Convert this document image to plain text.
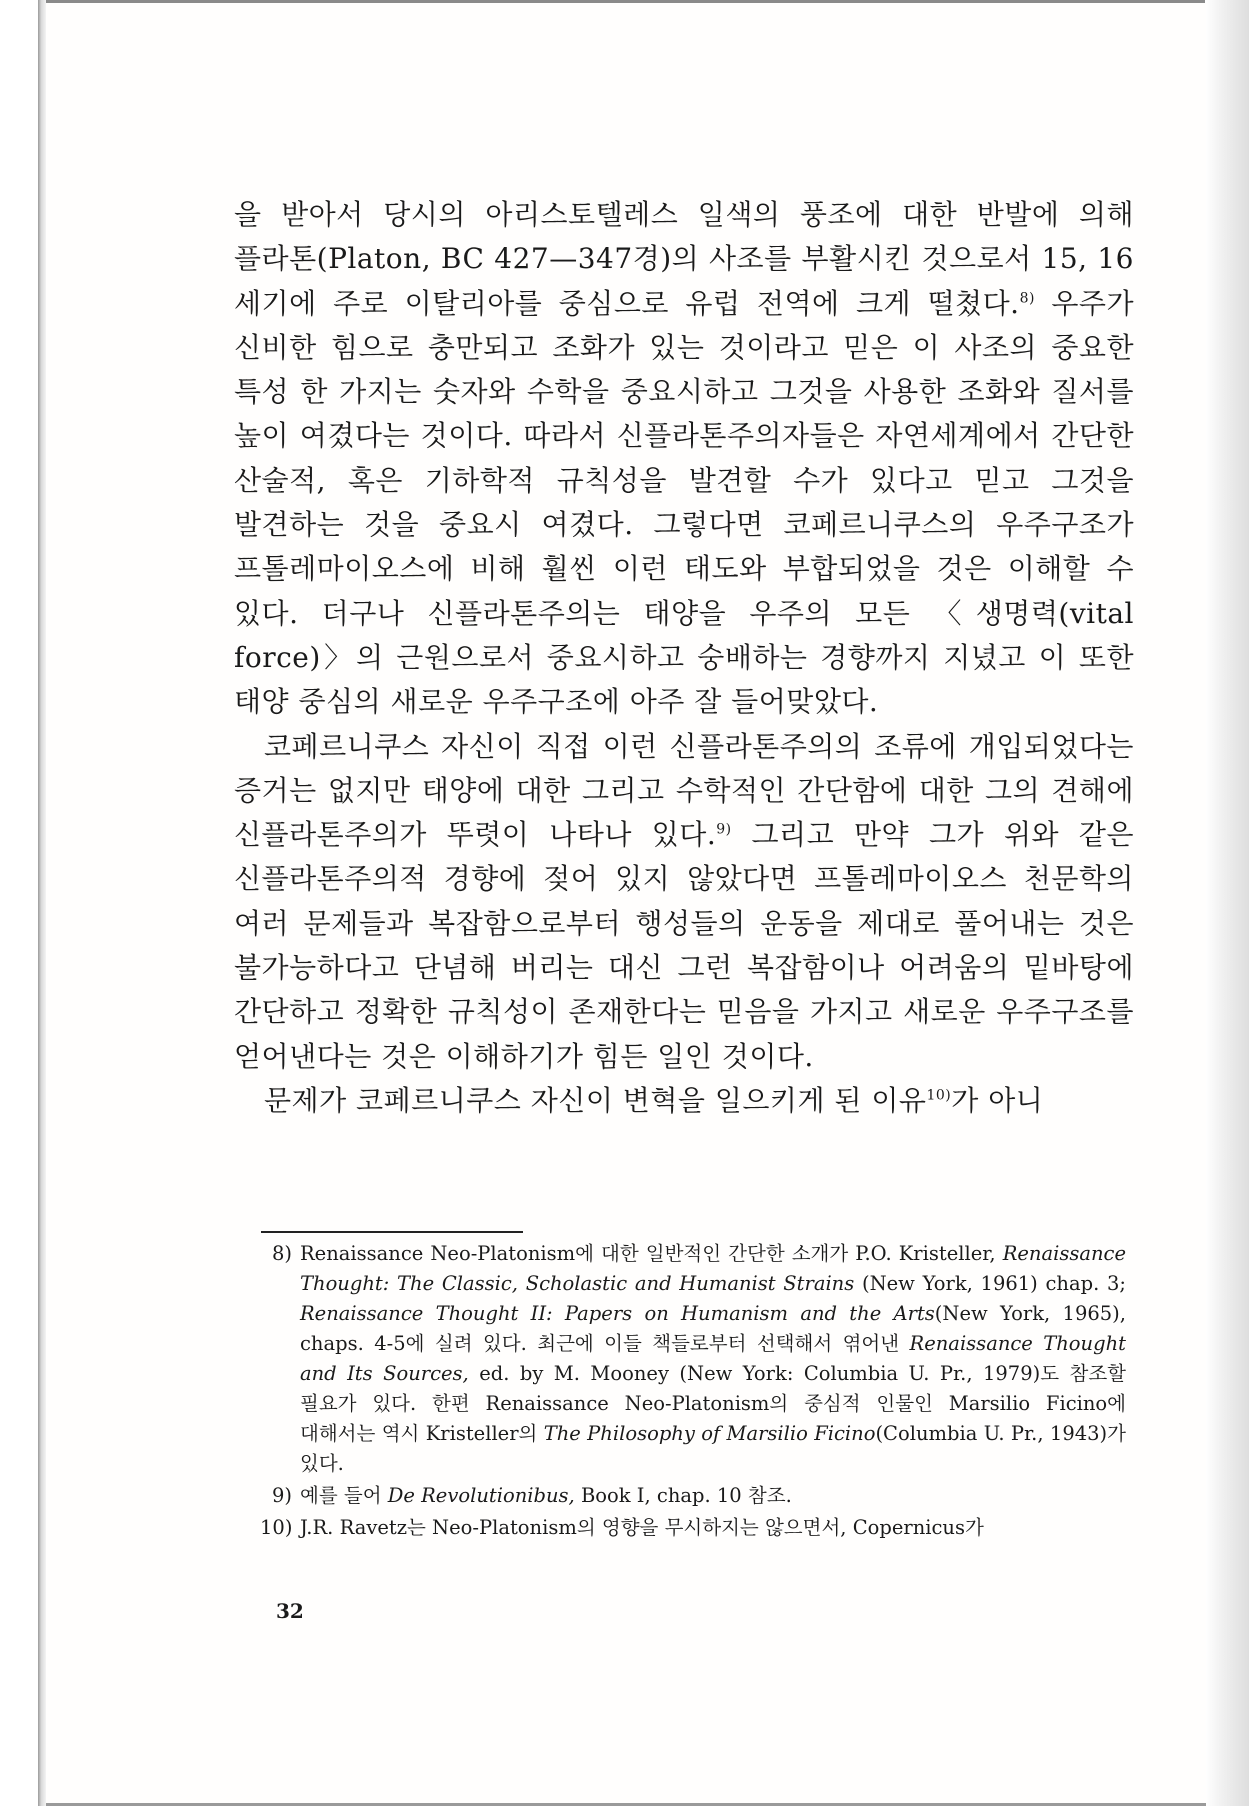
을 받아서 당시의 아리스토텔레스 일색의 풍조에 대한 반발에 의해 플라톤(Platon, BC 427—347경)의 사조를 부활시킨 것으로서 15, 16 세기에 주로 이탈리아를 중심으로 유럽 전역에 크게 떨쳤다.$^{8)}$ 우주가 신비한 힘으로 충만되고 조화가 있는 것이라고 믿은 이 사조의 중요한 특성 한 가지는 숫자와 수학을 중요시하고 그것을 사용한 조화와 질서를 높이 여겼다는 것이다. 따라서 신플라톤주의자들은 자연세계에서 간단한 산술적, 혹은 기하학적 규칙성을 발견할 수가 있다고 믿고 그것을 발견하는 것을 중요시 여겼다. 그렇다면 코페르니쿠스의 우주구조가 프톨레마이오스에 비해 훨씬 이런 태도와 부합되었을 것은 이해할 수 있다. 더구나 신플라톤주의는 태양을 우주의 모든 〈생명력(vital force)〉의 근원으로서 중요시하고 숭배하는 경향까지 지녔고 이 또한 태양 중심의 새로운 우주구조에 아주 잘 들어맞았다.

코페르니쿠스 자신이 직접 이런 신플라톤주의의 조류에 개입되었다는 증거는 없지만 태양에 대한 그리고 수학적인 간단함에 대한 그의 견해에 신플라톤주의가 뚜렷이 나타나 있다.$^{9)}$ 그리고 만약 그가 위와 같은 신플라톤주의적 경향에 젖어 있지 않았다면 프톨레마이오스 천문학의 여러 문제들과 복잡함으로부터 행성들의 운동을 제대로 풀어내는 것은 불가능하다고 단념해 버리는 대신 그런 복잡함이나 어려움의 밑바탕에 간단하고 정확한 규칙성이 존재한다는 믿음을 가지고 새로운 우주구조를 얻어낸다는 것은 이해하기가 힘든 일인 것이다.

문제가 코페르니쿠스 자신이 변혁을 일으키게 된 이유$^{10)}$가 아니

8) Renaissance Neo-Platonism에 대한 일반적인 간단한 소개가 P.O. Kristeller, Renaissance Thought: The Classic, Scholastic and Humanist Strains (New York, 1961) chap. 3; Renaissance Thought II: Papers on Humanism and the Arts(New York, 1965), chaps. 4-5에 실려 있다. 최근에 이들 책들로부터 선택해서 엮어낸 Renaissance Thought and Its Sources, ed. by M. Mooney (New York: Columbia U. Pr., 1979)도 참조할 필요가 있다. 한편 Renaissance Neo-Platonism의 중심적 인물인 Marsilio Ficino에 대해서는 역시 Kristeller의 The Philosophy of Marsilio Ficino(Columbia U. Pr., 1943)가 있다.
9) 예를 들어 De Revolutionibus, Book I, chap. 10 참조.
10) J.R. Ravetz는 Neo-Platonism의 영향을 무시하지는 않으면서, Copernicus가
32
